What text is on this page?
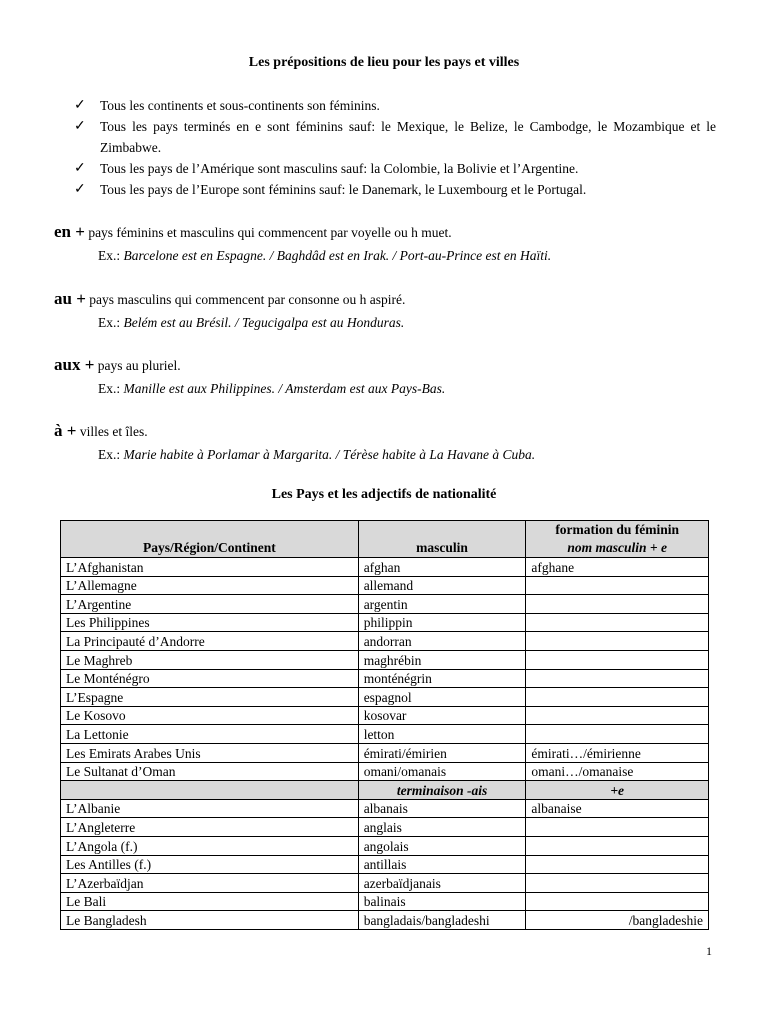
Les prépositions de lieu pour les pays et villes
✓ Tous les continents et sous-continents son féminins.
✓ Tous les pays terminés en e sont féminins sauf: le Mexique, le Belize, le Cambodge, le Mozambique et le Zimbabwe.
✓ Tous les pays de l’Amérique sont masculins sauf: la Colombie, la Bolivie et l’Argentine.
✓ Tous les pays de l’Europe sont féminins sauf: le Danemark, le Luxembourg et le Portugal.
en + pays féminins et masculins qui commencent par voyelle ou h muet.
Ex.: Barcelone est en Espagne. / Baghdâd est en Irak. / Port-au-Prince est en Haïti.
au + pays masculins qui commencent par consonne ou h aspiré.
Ex.: Belém est au Brésil. / Tegucigalpa est au Honduras.
aux + pays au pluriel.
Ex.: Manille est aux Philippines. / Amsterdam est aux Pays-Bas.
à + villes et îles.
Ex.: Marie habite à Porlamar à Margarita. / Térèse habite à La Havane à Cuba.
Les Pays et les adjectifs de nationalité
Pays/Région/Continent	masculin	formation du féminin
nom masculin + e

L’Afghanistan	afghan	afghane
L’Allemagne	allemand	
L’Argentine	argentin	
Les Philippines	philippin	
La Principauté d’Andorre	andorran	
Le Maghreb	maghrébin	
Le Monténégro	monténégrin	
L’Espagne	espagnol	
Le Kosovo	kosovar	
La Lettonie	letton	
Les Emirats Arabes Unis	émirati/émirien	émirati…/émirienne
Le Sultanat d’Oman	omani/omanais	omani…/omanaise
	terminaison -ais	+e
L’Albanie	albanais	albanaise
L’Angleterre	anglais	
L’Angola (f.)	angolais	
Les Antilles (f.)	antillais	
L’Azerbaïdjan	azerbaïdjanais	
Le Bali	balinais	
Le Bangladesh	bangladais/bangladeshi	/bangladeshie
1
